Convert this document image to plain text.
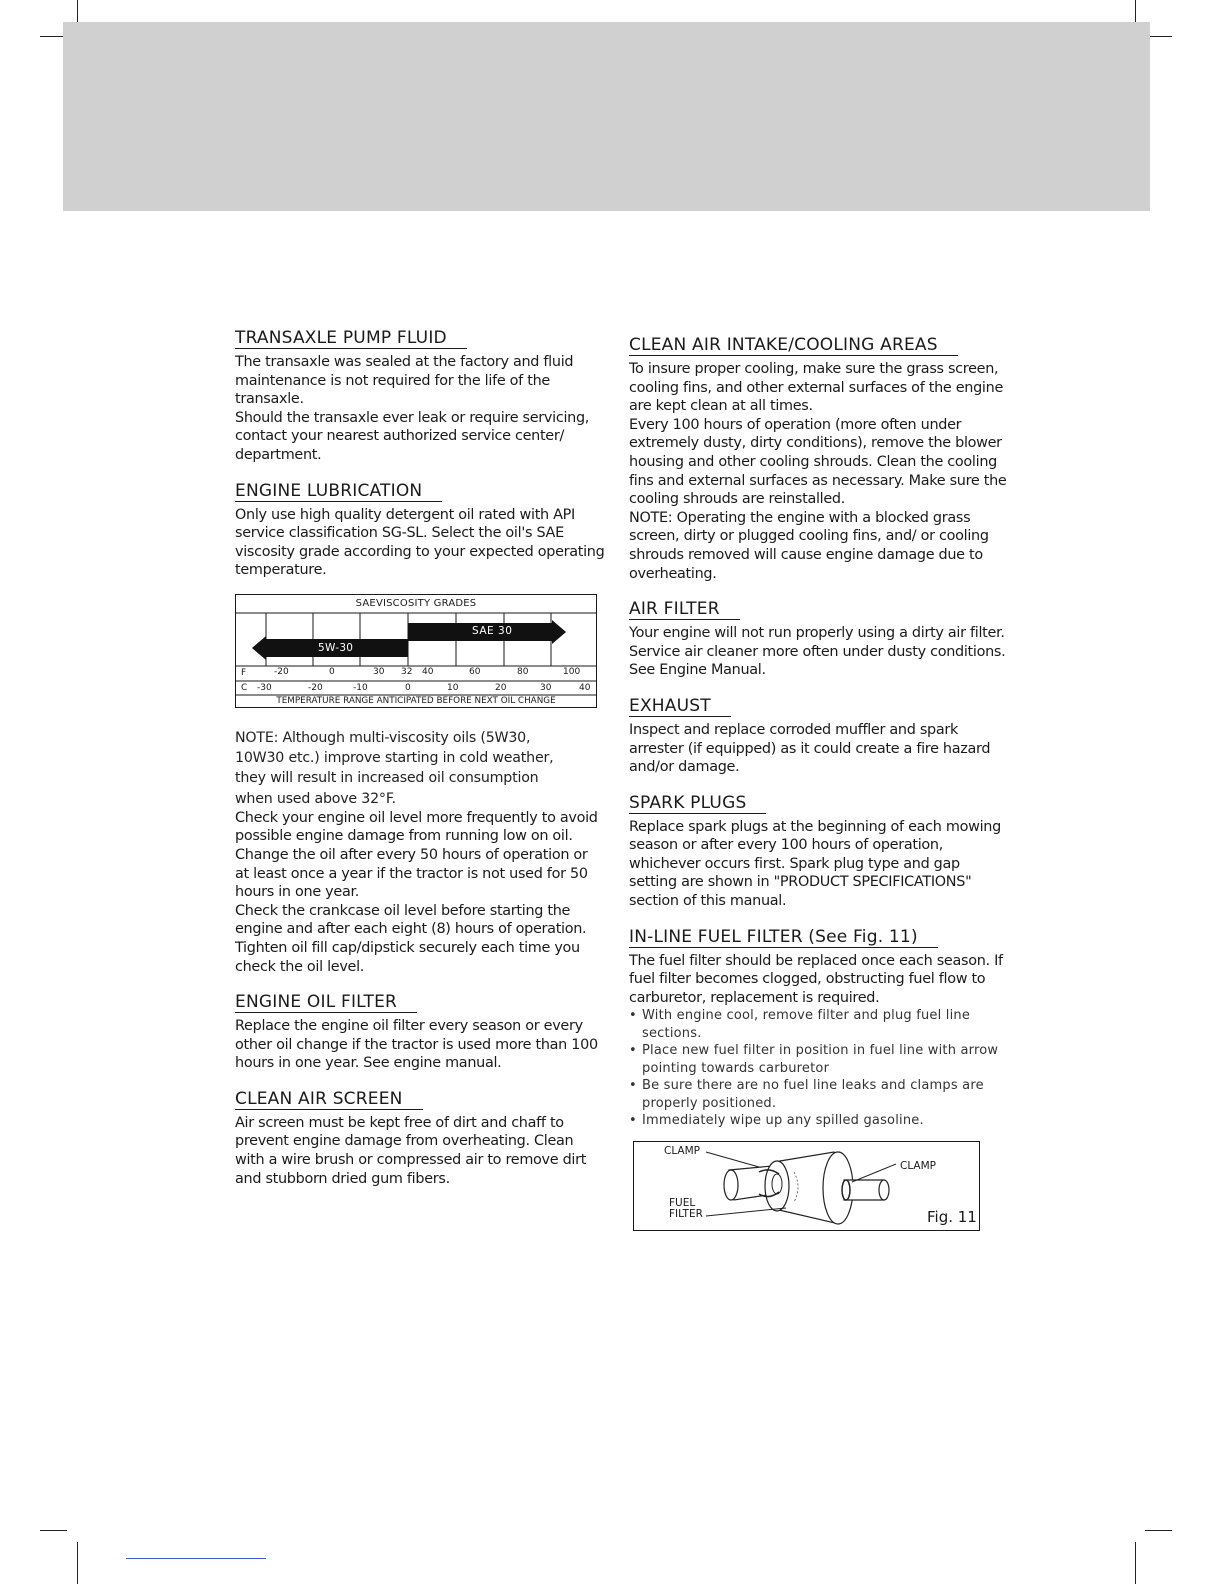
TRANSAXLE PUMP FLUID

The transaxle was sealed at the factory and fluid maintenance is not required for the life of the transaxle.
Should the transaxle ever leak or require servicing, contact your nearest authorized service center/ department.

ENGINE LUBRICATION

Only use high quality detergent oil rated with API service classification SG-SL. Select the oil's SAE viscosity grade according to your expected operating temperature.

SAEVISCOSITY GRADES
SAE 30
5W-30
F
C
-20	0	30 32 40	60	80	100
-30	-20	-10	0	10	20	30	40
TEMPERATURE RANGE ANTICIPATED BEFORE NEXT OIL CHANGE

NOTE: Although multi-viscosity oils (5W30, 10W30 etc.) improve starting in cold weather, they will result in increased oil consumption when used above 32°F.

Check your engine oil level more frequently to avoid possible engine damage from running low on oil.
Change the oil after every 50 hours of operation or at least once a year if the tractor is not used for 50 hours in one year.
Check the crankcase oil level before starting the engine and after each eight (8) hours of operation. Tighten oil fill cap/dipstick securely each time you check the oil level.

ENGINE OIL FILTER

Replace the engine oil filter every season or every other oil change if the tractor is used more than 100 hours in one year. See engine manual.

CLEAN AIR SCREEN

Air screen must be kept free of dirt and chaff to prevent engine damage from overheating. Clean with a wire brush or compressed air to remove dirt and stubborn dried gum fibers.

CLEAN AIR INTAKE/COOLING AREAS

To insure proper cooling, make sure the grass screen, cooling fins, and other external surfaces of the engine are kept clean at all times.
Every 100 hours of operation (more often under extremely dusty, dirty conditions), remove the blower housing and other cooling shrouds. Clean the cooling fins and external surfaces as necessary. Make sure the cooling shrouds are reinstalled.
NOTE: Operating the engine with a blocked grass screen, dirty or plugged cooling fins, and/ or cooling shrouds removed will cause engine damage due to overheating.

AIR FILTER

Your engine will not run properly using a dirty air filter. Service air cleaner more often under dusty conditions. See Engine Manual.

EXHAUST

Inspect and replace corroded muffler and spark arrester (if equipped) as it could create a fire hazard and/or damage.

SPARK PLUGS

Replace spark plugs at the beginning of each mowing season or after every 100 hours of operation, whichever occurs first. Spark plug type and gap setting are shown in "PRODUCT SPECIFICATIONS" section of this manual.

IN-LINE FUEL FILTER (See Fig. 11)

The fuel filter should be replaced once each season. If fuel filter becomes clogged, obstructing fuel flow to carburetor, replacement is required.

• With engine cool, remove filter and plug fuel line sections.
• Place new fuel filter in position in fuel line with arrow pointing towards carburetor
• Be sure there are no fuel line leaks and clamps are properly positioned.
• Immediately wipe up any spilled gasoline.
CLAMP
CLAMP
FUEL
FILTER	Fig. 11
